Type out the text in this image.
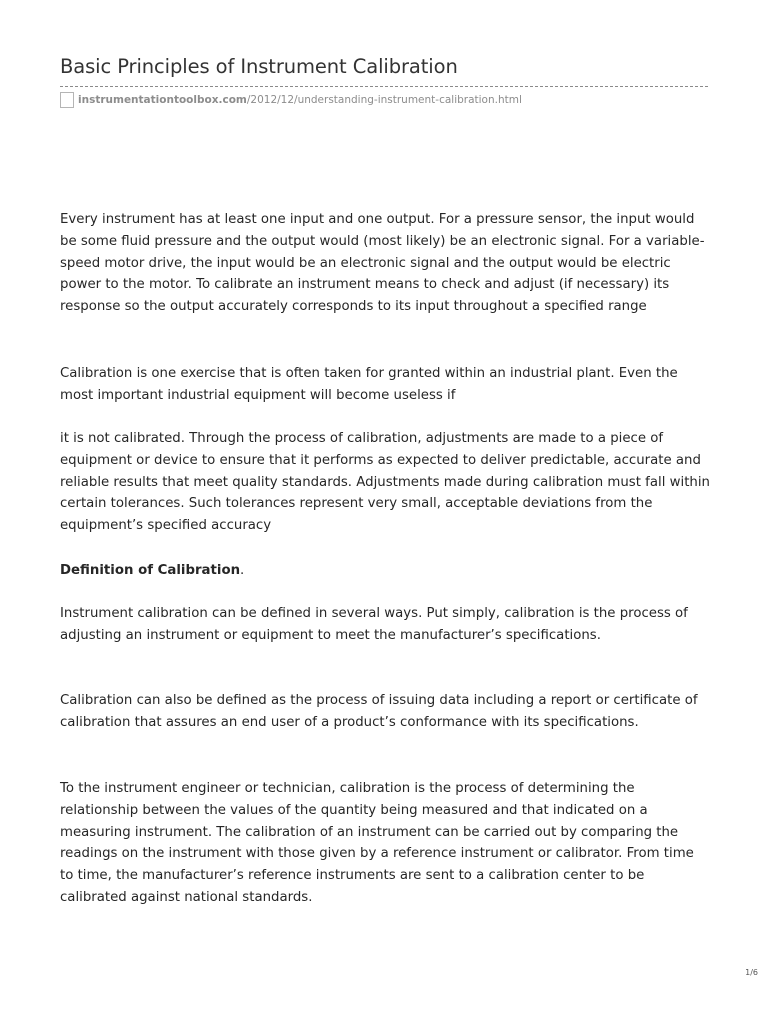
Basic Principles of Instrument Calibration
instrumentationtoolbox.com /2012/12/understanding-instrument-calibration.html

Every instrument has at least one input and one output. For a pressure sensor, the input would be some fluid pressure and the output would (most likely) be an electronic signal. For a variable-speed motor drive, the input would be an electronic signal and the output would be electric power to the motor. To calibrate an instrument means to check and adjust (if necessary) its response so the output accurately corresponds to its input throughout a specified range

Calibration is one exercise that is often taken for granted within an industrial plant. Even the most important industrial equipment will become useless if

it is not calibrated. Through the process of calibration, adjustments are made to a piece of equipment or device to ensure that it performs as expected to deliver predictable, accurate and reliable results that meet quality standards. Adjustments made during calibration must fall within certain tolerances. Such tolerances represent very small, acceptable deviations from the equipment’s specified accuracy

Definition of Calibration.

Instrument calibration can be defined in several ways. Put simply, calibration is the process of adjusting an instrument or equipment to meet the manufacturer’s specifications.

Calibration can also be defined as the process of issuing data including a report or certificate of calibration that assures an end user of a product’s conformance with its specifications.

To the instrument engineer or technician, calibration is the process of determining the relationship between the values of the quantity being measured and that indicated on a measuring instrument. The calibration of an instrument can be carried out by comparing the readings on the instrument with those given by a reference instrument or calibrator. From time to time, the manufacturer’s reference instruments are sent to a calibration center to be calibrated against national standards.

1/6
